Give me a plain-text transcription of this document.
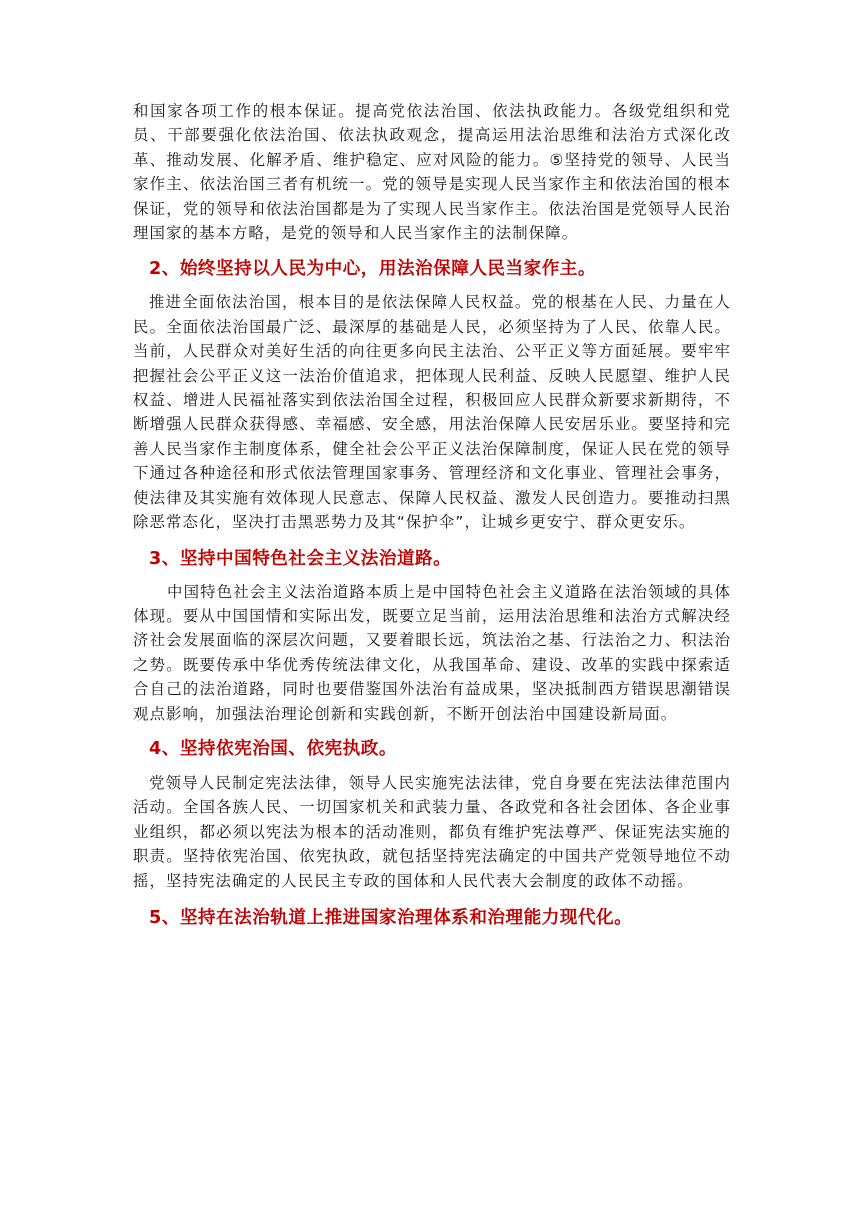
和国家各项工作的根本保证。提高党依法治国、依法执政能力。各级党组织和党员、干部要强化依法治国、依法执政观念，提高运用法治思维和法治方式深化改革、推动发展、化解矛盾、维护稳定、应对风险的能力。⑤坚持党的领导、人民当家作主、依法治国三者有机统一。党的领导是实现人民当家作主和依法治国的根本保证，党的领导和依法治国都是为了实现人民当家作主。依法治国是党领导人民治理国家的基本方略，是党的领导和人民当家作主的法制保障。

2、始终坚持以人民为中心，用法治保障人民当家作主。

推进全面依法治国，根本目的是依法保障人民权益。党的根基在人民、力量在人民。全面依法治国最广泛、最深厚的基础是人民，必须坚持为了人民、依靠人民。当前，人民群众对美好生活的向往更多向民主法治、公平正义等方面延展。要牢牢把握社会公平正义这一法治价值追求，把体现人民利益、反映人民愿望、维护人民权益、增进人民福祉落实到依法治国全过程，积极回应人民群众新要求新期待，不断增强人民群众获得感、幸福感、安全感，用法治保障人民安居乐业。要坚持和完善人民当家作主制度体系，健全社会公平正义法治保障制度，保证人民在党的领导下通过各种途径和形式依法管理国家事务、管理经济和文化事业、管理社会事务，使法律及其实施有效体现人民意志、保障人民权益、激发人民创造力。要推动扫黑除恶常态化，坚决打击黑恶势力及其“保护伞”，让城乡更安宁、群众更安乐。

3、坚持中国特色社会主义法治道路。

中国特色社会主义法治道路本质上是中国特色社会主义道路在法治领域的具体体现。要从中国国情和实际出发，既要立足当前，运用法治思维和法治方式解决经济社会发展面临的深层次问题，又要着眼长远，筑法治之基、行法治之力、积法治之势。既要传承中华优秀传统法律文化，从我国革命、建设、改革的实践中探索适合自己的法治道路，同时也要借鉴国外法治有益成果，坚决抵制西方错误思潮错误观点影响，加强法治理论创新和实践创新，不断开创法治中国建设新局面。

4、坚持依宪治国、依宪执政。

党领导人民制定宪法法律，领导人民实施宪法法律，党自身要在宪法法律范围内活动。全国各族人民、一切国家机关和武装力量、各政党和各社会团体、各企业事业组织，都必须以宪法为根本的活动准则，都负有维护宪法尊严、保证宪法实施的职责。坚持依宪治国、依宪执政，就包括坚持宪法确定的中国共产党领导地位不动摇，坚持宪法确定的人民民主专政的国体和人民代表大会制度的政体不动摇。

5、坚持在法治轨道上推进国家治理体系和治理能力现代化。
